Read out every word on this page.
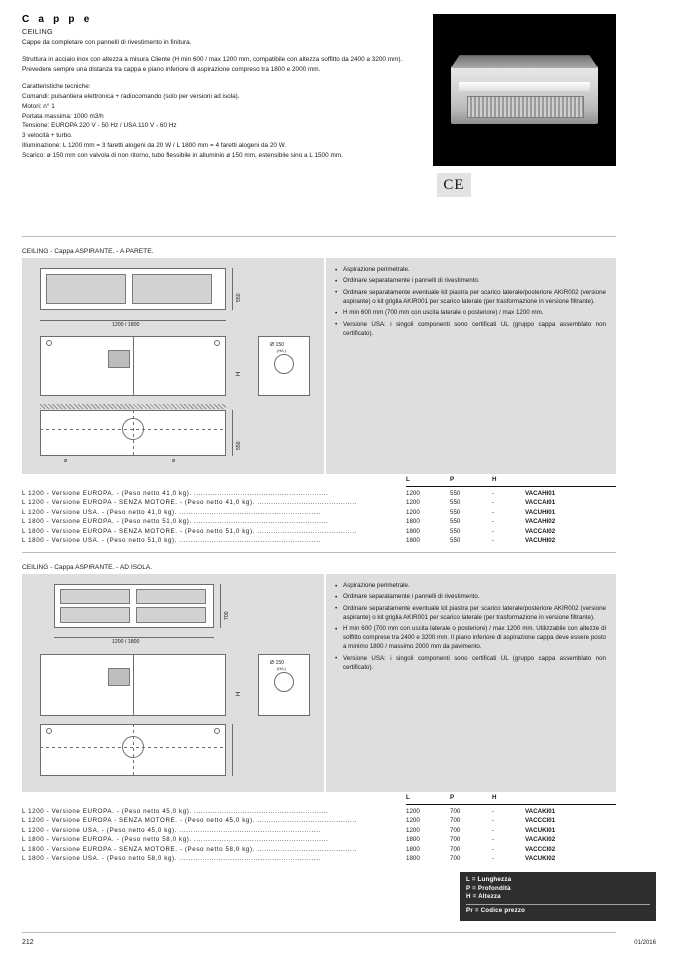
C a p p e
CEILING

Cappe da completare con pannelli di rivestimento in finitura.

Struttura in acciaio inox con altezza a misura Cliente (H min 600 / max 1200 mm, compatibile con altezza soffitto da 2400 a 3200 mm). Prevedere sempre una distanza tra cappa e piano inferiore di aspirazione compreso tra 1800 e 2000 mm.

Caratteristiche tecniche:

Comandi: pulsantiera elettronica + radiocomando (solo per versioni ad isola).

Motori: n° 1

Portata massima: 1000 m3/h

Tensione: EUROPA 220 V - 50 Hz / USA 110 V - 60 Hz

3 velocità + turbo.

Illuminazione: L 1200 mm = 3 faretti alogeni da 20 W / L 1800 mm = 4 faretti alogeni da 20 W.

Scarico: ø 150 mm con valvola di non ritorno, tubo flessibile in alluminio ø 150 mm, estensibile sino a L 1500 mm.

CE
CEILING - Cappa ASPIRANTE. - A PARETE.
550
1200 / 1800
H
Ø 150
(H/L)
550
ø	ø
• Aspirazione perimetrale.
• Ordinare separatamente i pannelli di rivestimento.
• Ordinare separatamente eventuale kit piastra per scarico laterale/posteriore AKIR002 (versione aspirante) o kit griglia AKIR001 per scarico laterale (per trasformazione in versione filtrante).
• H min 600 mm (700 mm con uscita laterale o posteriore) / max 1200 mm.
• Versione USA: i singoli componenti sono certificati UL (gruppo cappa assemblato non certificato).
L	P	H
L 1200 - Versione EUROPA. - (Peso netto 41,0 kg). ..........................................................	1200	550	-	VACAHI01
L 1200 - Versione EUROPA - SENZA MOTORE. - (Peso netto 41,0 kg). ...........................................	1200	550	-	VACCAI01
L 1200 - Versione USA. - (Peso netto 41,0 kg). .............................................................	1200	550	-	VACUHI01
L 1800 - Versione EUROPA. - (Peso netto 51,0 kg). ..........................................................	1800	550	-	VACAHI02
L 1800 - Versione EUROPA - SENZA MOTORE. - (Peso netto 51,0 kg). ...........................................	1800	550	-	VACCAI02
L 1800 - Versione USA. - (Peso netto 51,0 kg). .............................................................	1800	550	-	VACUHI02
CEILING - Cappa ASPIRANTE. - AD ISOLA.
700
1200 / 1800
H
Ø 150
(H/L)
• Aspirazione perimetrale.
• Ordinare separatamente i pannelli di rivestimento.
• Ordinare separatamente eventuale kit piastra per scarico laterale/posteriore AKIR002 (versione aspirante) o kit griglia AKIR001 per scarico laterale (per trasformazione in versione filtrante).
• H min 600 (700 mm con uscita laterale o posteriore) / max 1200 mm. Utilizzabile con altezze di soffitto comprese tra 2400 e 3200 mm. Il piano inferiore di aspirazione cappa deve essere posto a minimo 1800 / massimo 2000 mm da pavimento.
• Versione USA: i singoli componenti sono certificati UL (gruppo cappa assemblato non certificato).
L	P	H
L 1200 - Versione EUROPA. - (Peso netto 45,0 kg). ..........................................................	1200	700	-	VACAKI01
L 1200 - Versione EUROPA - SENZA MOTORE. - (Peso netto 45,0 kg). ...........................................	1200	700	-	VACCCI01
L 1200 - Versione USA. - (Peso netto 45,0 kg). .............................................................	1200	700	-	VACUKI01
L 1800 - Versione EUROPA. - (Peso netto 58,0 kg). ..........................................................	1800	700	-	VACAKI02
L 1800 - Versione EUROPA - SENZA MOTORE. - (Peso netto 58,0 kg). ...........................................	1800	700	-	VACCCI02
L 1800 - Versione USA. - (Peso netto 58,0 kg). .............................................................	1800	700	-	VACUKI02
L = Lunghezza
P = Profondità
H = Altezza
Pr = Codice prezzo
212	01/2016
